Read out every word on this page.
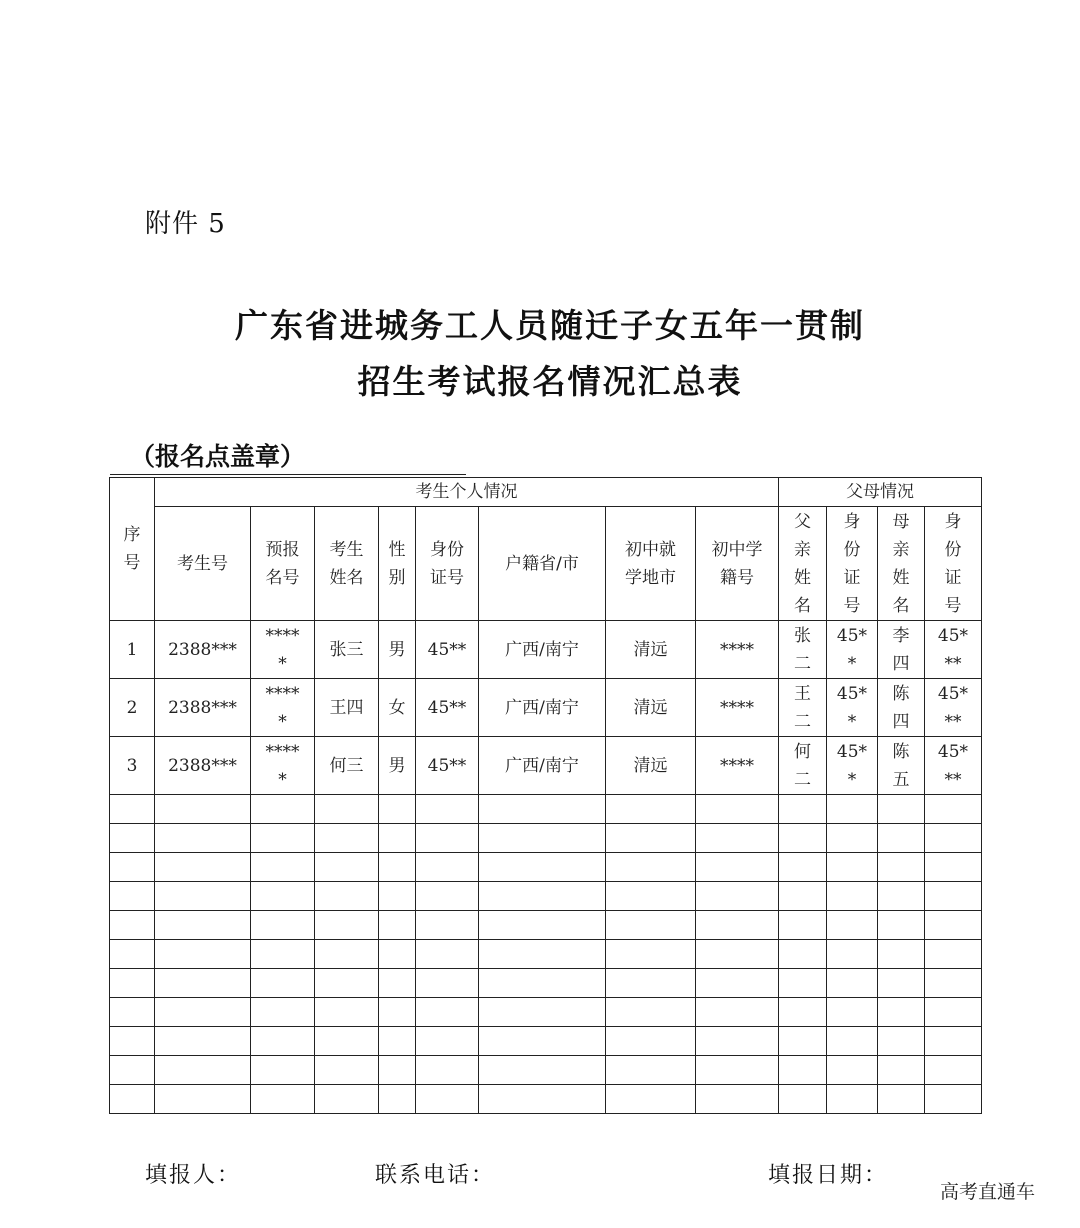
附件 5
广东省进城务工人员随迁子女五年一贯制
招生考试报名情况汇总表
（报名点盖章）
序号	考生个人情况								父母情况			
	考生号	预报名号	考生姓名	性别	身份证号	户籍省/市	初中就学地市	初中学籍号	父亲姓名	身份证号	母亲姓名	身份证号
1	2388***	*****	张三	男	45**	广西/南宁	清远	****	张二	45**	李四	45***
2	2388***	*****	王四	女	45**	广西/南宁	清远	****	王二	45**	陈四	45***
3	2388***	*****	何三	男	45**	广西/南宁	清远	****	何二	45**	陈五	45***

填报人：	联系电话：	填报日期：
高考直通车
